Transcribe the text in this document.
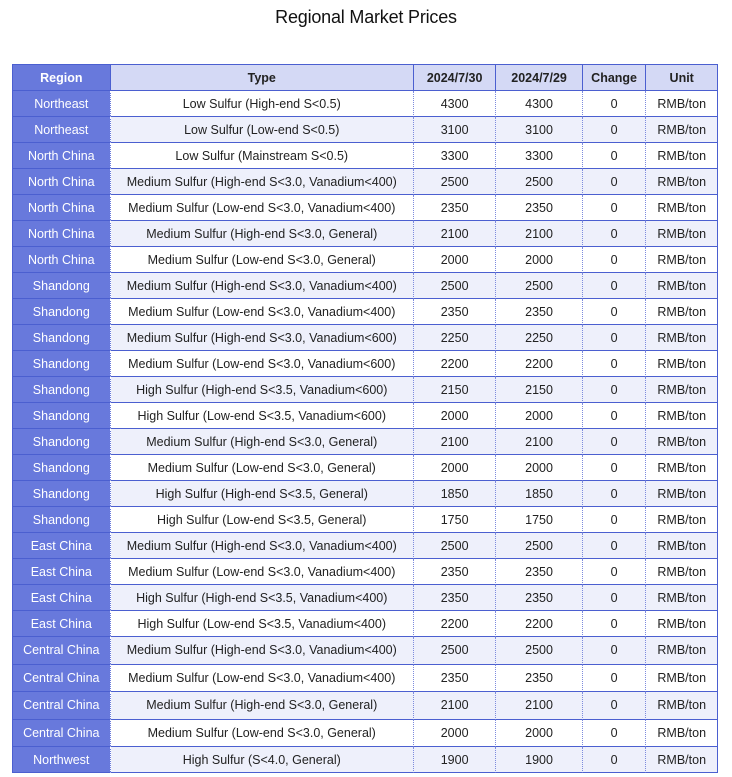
Regional Market Prices
Region	Type	2024/7/30	2024/7/29	Change	Unit
Northeast	Low Sulfur (High-end S<0.5)	4300	4300	0	RMB/ton
Northeast	Low Sulfur (Low-end S<0.5)	3100	3100	0	RMB/ton
North China	Low Sulfur (Mainstream S<0.5)	3300	3300	0	RMB/ton
North China	Medium Sulfur (High-end S<3.0, Vanadium<400)	2500	2500	0	RMB/ton
North China	Medium Sulfur (Low-end S<3.0, Vanadium<400)	2350	2350	0	RMB/ton
North China	Medium Sulfur (High-end S<3.0, General)	2100	2100	0	RMB/ton
North China	Medium Sulfur (Low-end S<3.0, General)	2000	2000	0	RMB/ton
Shandong	Medium Sulfur (High-end S<3.0, Vanadium<400)	2500	2500	0	RMB/ton
Shandong	Medium Sulfur (Low-end S<3.0, Vanadium<400)	2350	2350	0	RMB/ton
Shandong	Medium Sulfur (High-end S<3.0, Vanadium<600)	2250	2250	0	RMB/ton
Shandong	Medium Sulfur (Low-end S<3.0, Vanadium<600)	2200	2200	0	RMB/ton
Shandong	High Sulfur (High-end S<3.5, Vanadium<600)	2150	2150	0	RMB/ton
Shandong	High Sulfur (Low-end S<3.5, Vanadium<600)	2000	2000	0	RMB/ton
Shandong	Medium Sulfur (High-end S<3.0, General)	2100	2100	0	RMB/ton
Shandong	Medium Sulfur (Low-end S<3.0, General)	2000	2000	0	RMB/ton
Shandong	High Sulfur (High-end S<3.5, General)	1850	1850	0	RMB/ton
Shandong	High Sulfur (Low-end S<3.5, General)	1750	1750	0	RMB/ton
East China	Medium Sulfur (High-end S<3.0, Vanadium<400)	2500	2500	0	RMB/ton
East China	Medium Sulfur (Low-end S<3.0, Vanadium<400)	2350	2350	0	RMB/ton
East China	High Sulfur (High-end S<3.5, Vanadium<400)	2350	2350	0	RMB/ton
East China	High Sulfur (Low-end S<3.5, Vanadium<400)	2200	2200	0	RMB/ton
Central China	Medium Sulfur (High-end S<3.0, Vanadium<400)	2500	2500	0	RMB/ton
Central China	Medium Sulfur (Low-end S<3.0, Vanadium<400)	2350	2350	0	RMB/ton
Central China	Medium Sulfur (High-end S<3.0, General)	2100	2100	0	RMB/ton
Central China	Medium Sulfur (Low-end S<3.0, General)	2000	2000	0	RMB/ton
Northwest	High Sulfur (S<4.0, General)	1900	1900	0	RMB/ton
